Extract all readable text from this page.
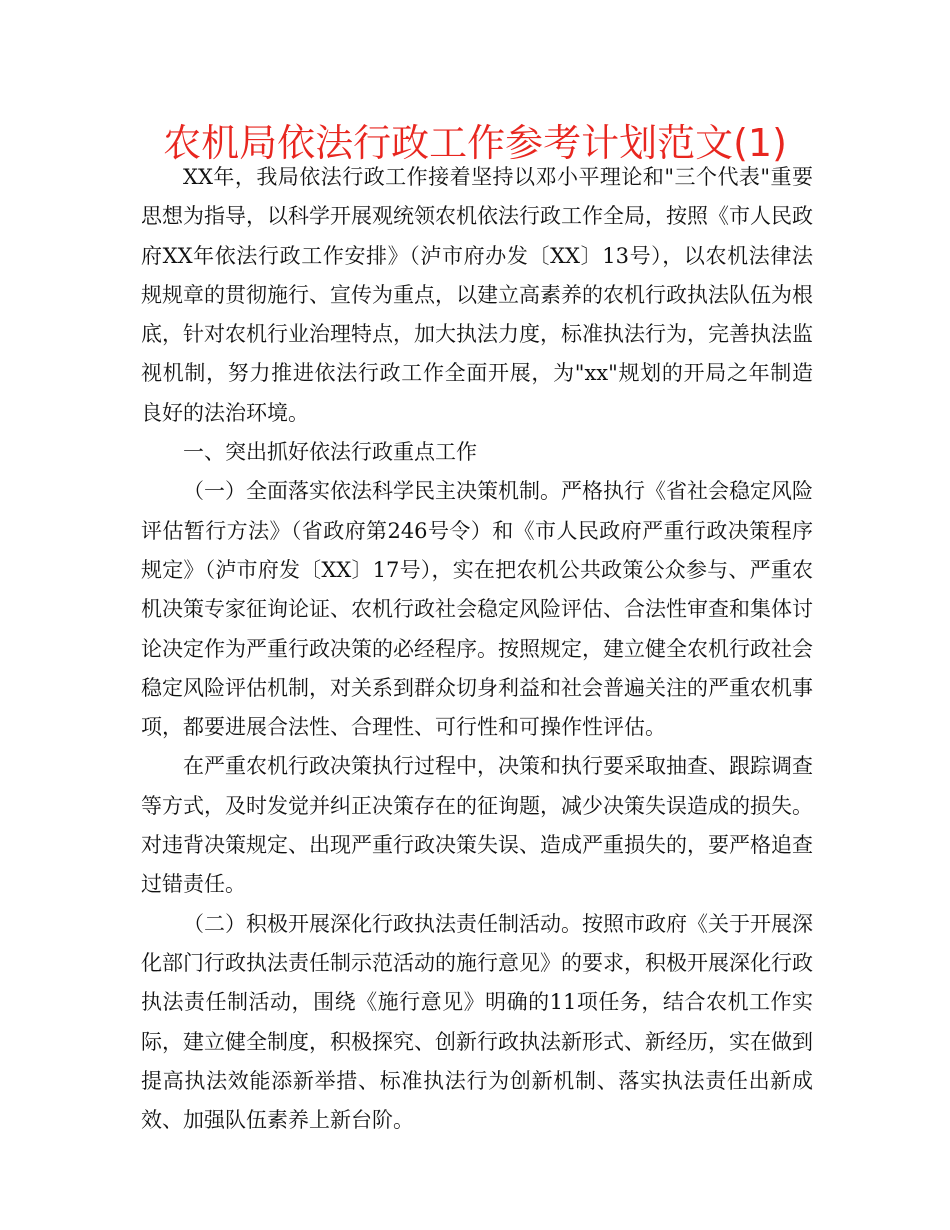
农机局依法行政工作参考计划范文(1)

XX年，我局依法行政工作接着坚持以邓小平理论和"三个代表"重要思想为指导，以科学开展观统领农机依法行政工作全局，按照《市人民政府XX年依法行政工作安排》（泸市府办发〔XX〕13号），以农机法律法规规章的贯彻施行、宣传为重点，以建立高素养的农机行政执法队伍为根底，针对农机行业治理特点，加大执法力度，标准执法行为，完善执法监视机制，努力推进依法行政工作全面开展，为"xx"规划的开局之年制造良好的法治环境。

一、突出抓好依法行政重点工作

（一）全面落实依法科学民主决策机制。严格执行《省社会稳定风险评估暂行方法》（省政府第246号令）和《市人民政府严重行政决策程序规定》（泸市府发〔XX〕17号），实在把农机公共政策公众参与、严重农机决策专家征询论证、农机行政社会稳定风险评估、合法性审查和集体讨论决定作为严重行政决策的必经程序。按照规定，建立健全农机行政社会稳定风险评估机制，对关系到群众切身利益和社会普遍关注的严重农机事项，都要进展合法性、合理性、可行性和可操作性评估。

在严重农机行政决策执行过程中，决策和执行要采取抽查、跟踪调查等方式，及时发觉并纠正决策存在的征询题，减少决策失误造成的损失。对违背决策规定、出现严重行政决策失误、造成严重损失的，要严格追查过错责任。

（二）积极开展深化行政执法责任制活动。按照市政府《关于开展深化部门行政执法责任制示范活动的施行意见》的要求，积极开展深化行政执法责任制活动，围绕《施行意见》明确的11项任务，结合农机工作实际，建立健全制度，积极探究、创新行政执法新形式、新经历，实在做到提高执法效能添新举措、标准执法行为创新机制、落实执法责任出新成效、加强队伍素养上新台阶。
